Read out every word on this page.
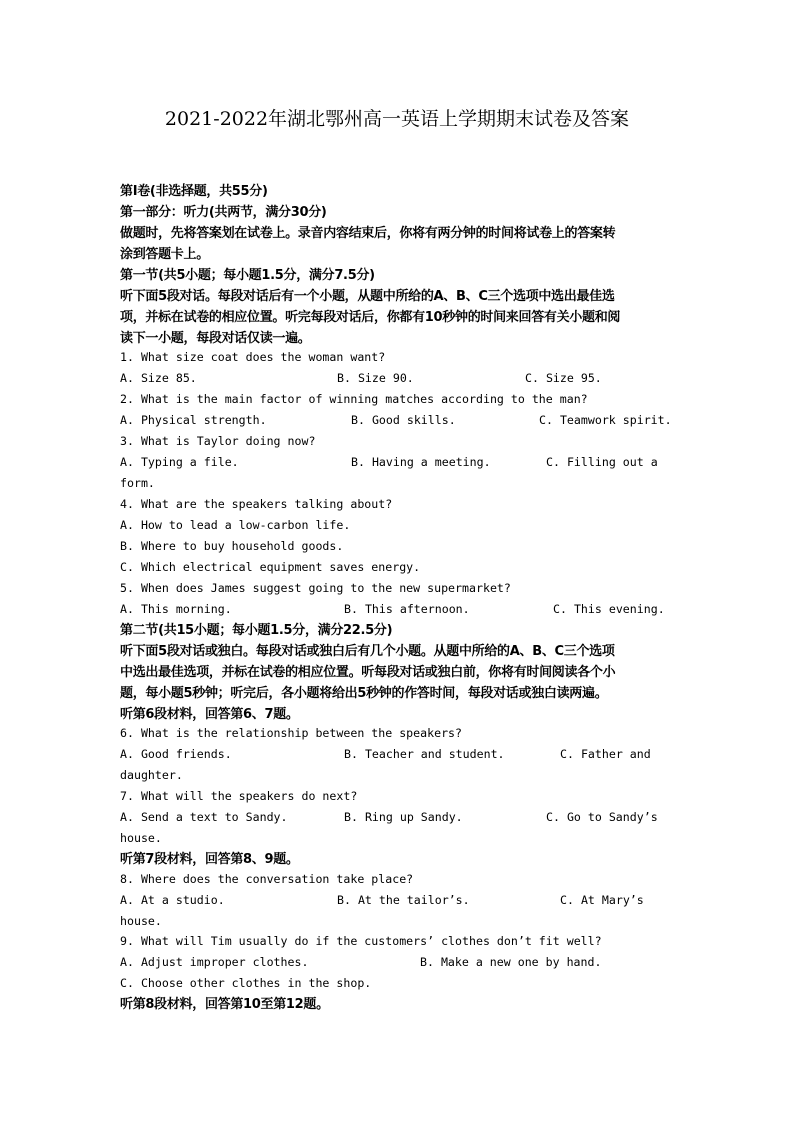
2021-2022年湖北鄂州高一英语上学期期末试卷及答案
第Ⅰ卷(非选择题，共55分)
第一部分：听力(共两节，满分30分)
做题时，先将答案划在试卷上。录音内容结束后，你将有两分钟的时间将试卷上的答案转
涂到答题卡上。
第一节(共5小题；每小题1.5分，满分7.5分)
听下面5段对话。每段对话后有一个小题，从题中所给的A、B、C三个选项中选出最佳选
项，并标在试卷的相应位置。听完每段对话后，你都有10秒钟的时间来回答有关小题和阅
读下一小题，每段对话仅读一遍。
1. What size coat does the woman want?
A. Size 85.	B. Size 90.	C. Size 95.
2. What is the main factor of winning matches according to the man?
A. Physical strength.	B. Good skills.	C. Teamwork spirit.
3. What is Taylor doing now?
A. Typing a file.	B. Having a meeting.	C. Filling out a
form.
4. What are the speakers talking about?
A. How to lead a low-carbon life.
B. Where to buy household goods.
C. Which electrical equipment saves energy.
5. When does James suggest going to the new supermarket?
A. This morning.	B. This afternoon.	C. This evening.
第二节(共15小题；每小题1.5分，满分22.5分)
听下面5段对话或独白。每段对话或独白后有几个小题。从题中所给的A、B、C三个选项
中选出最佳选项，并标在试卷的相应位置。听每段对话或独白前，你将有时间阅读各个小
题，每小题5秒钟；听完后，各小题将给出5秒钟的作答时间，每段对话或独白读两遍。
听第6段材料，回答第6、7题。
6. What is the relationship between the speakers?
A. Good friends.	B. Teacher and student.	C. Father and
daughter.
7. What will the speakers do next?
A. Send a text to Sandy.	B. Ring up Sandy.	C. Go to Sandy’s
house.
听第7段材料，回答第8、9题。
8. Where does the conversation take place?
A. At a studio.	B. At the tailor’s.	C. At Mary’s
house.
9. What will Tim usually do if the customers’ clothes don’t fit well?
A. Adjust improper clothes.	B. Make a new one by hand.
C. Choose other clothes in the shop.
听第8段材料，回答第10至第12题。
